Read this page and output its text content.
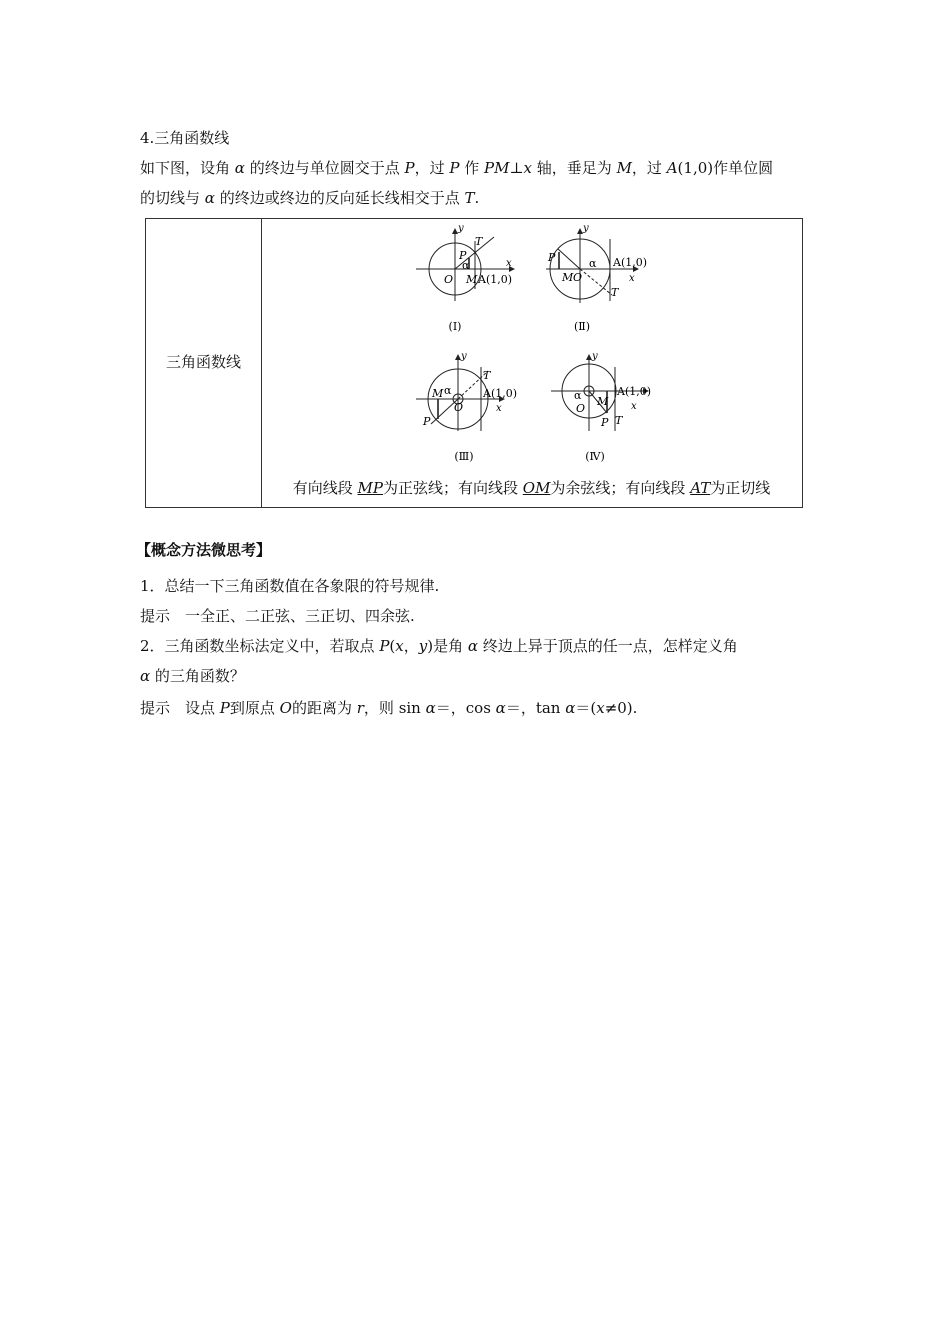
4.三角函数线
如下图，设角 α 的终边与单位圆交于点 P，过 P 作 PM⊥x 轴，垂足为 M，过 A(1,0)作单位圆
的切线与 α 的终边或终边的反向延长线相交于点 T.
三角函数线
y
x
T
P
α
O M A(1,0)
(Ⅰ)
y
x
P	α
M O
A(1,0)
T
(Ⅱ)
y
T
M α
O
A(1,0)
x
P
(Ⅲ)
y
A(1,0)
x
α
O
M
P T
(Ⅳ)
有向线段 MP为正弦线；有向线段 OM为余弦线；有向线段 AT为正切线
【概念方法微思考】
1．总结一下三角函数值在各象限的符号规律.
提示　一全正、二正弦、三正切、四余弦.
2．三角函数坐标法定义中，若取点 P(x，y)是角 α 终边上异于顶点的任一点，怎样定义角
α 的三角函数？
提示　设点 P到原点 O的距离为 r，则 sin α＝，cos α＝，tan α＝(x≠0).
